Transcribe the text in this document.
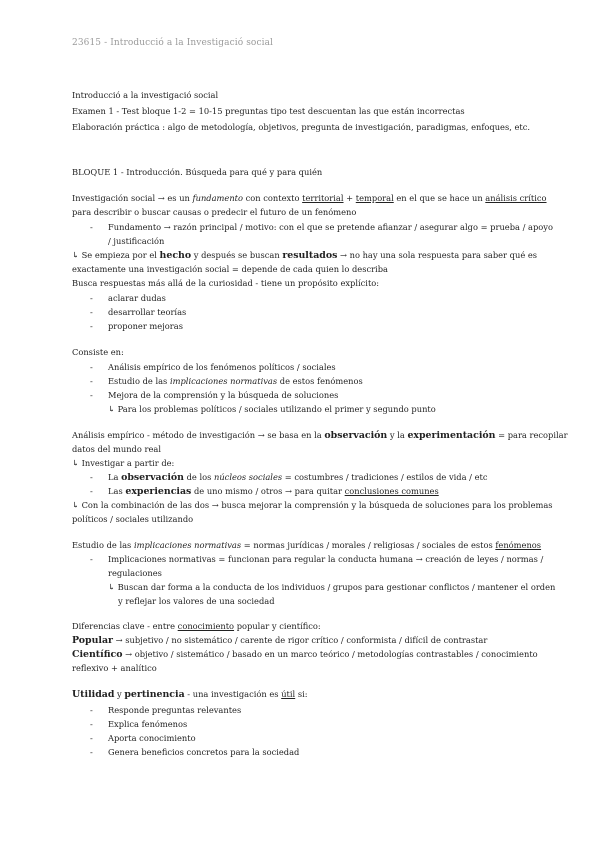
23615 - Introducció a la Investigació social
Introducció a la investigació social
Examen 1 - Test bloque 1-2 = 10-15 preguntas tipo test descuentan las que están incorrectas
Elaboración práctica : algo de metodología, objetivos, pregunta de investigación, paradigmas, enfoques, etc.
BLOQUE 1 - Introducción. Búsqueda para qué y para quién
Investigación social → es un fundamento con contexto territorial + temporal en el que se hace un análisis crítico
para describir o buscar causas o predecir el futuro de un fenómeno
- Fundamento → razón principal / motivo: con el que se pretende afianzar / asegurar algo = prueba / apoyo
/ justificación
↳ Se empieza por el hecho y después se buscan resultados → no hay una sola respuesta para saber qué es
exactamente una investigación social = depende de cada quien lo describa
Busca respuestas más allá de la curiosidad - tiene un propósito explícito:
- aclarar dudas
- desarrollar teorías
- proponer mejoras
Consiste en:
- Análisis empírico de los fenómenos políticos / sociales
- Estudio de las implicaciones normativas de estos fenómenos
- Mejora de la comprensión y la búsqueda de soluciones
↳ Para los problemas políticos / sociales utilizando el primer y segundo punto
Análisis empírico - método de investigación → se basa en la observación y la experimentación = para recopilar
datos del mundo real
↳ Investigar a partir de:
- La observación de los núcleos sociales = costumbres / tradiciones / estilos de vida / etc
- Las experiencias de uno mismo / otros → para quitar conclusiones comunes
↳ Con la combinación de las dos → busca mejorar la comprensión y la búsqueda de soluciones para los problemas
políticos / sociales utilizando
Estudio de las implicaciones normativas = normas jurídicas / morales / religiosas / sociales de estos fenómenos
- Implicaciones normativas = funcionan para regular la conducta humana → creación de leyes / normas /
regulaciones
↳ Buscan dar forma a la conducta de los individuos / grupos para gestionar conflictos / mantener el orden
y reflejar los valores de una sociedad
Diferencias clave - entre conocimiento popular y científico:
Popular → subjetivo / no sistemático / carente de rigor crítico / conformista / difícil de contrastar
Científico → objetivo / sistemático / basado en un marco teórico / metodologías contrastables / conocimiento
reflexivo + analítico
Utilidad y pertinencia - una investigación es útil si:
- Responde preguntas relevantes
- Explica fenómenos
- Aporta conocimiento
- Genera beneficios concretos para la sociedad
